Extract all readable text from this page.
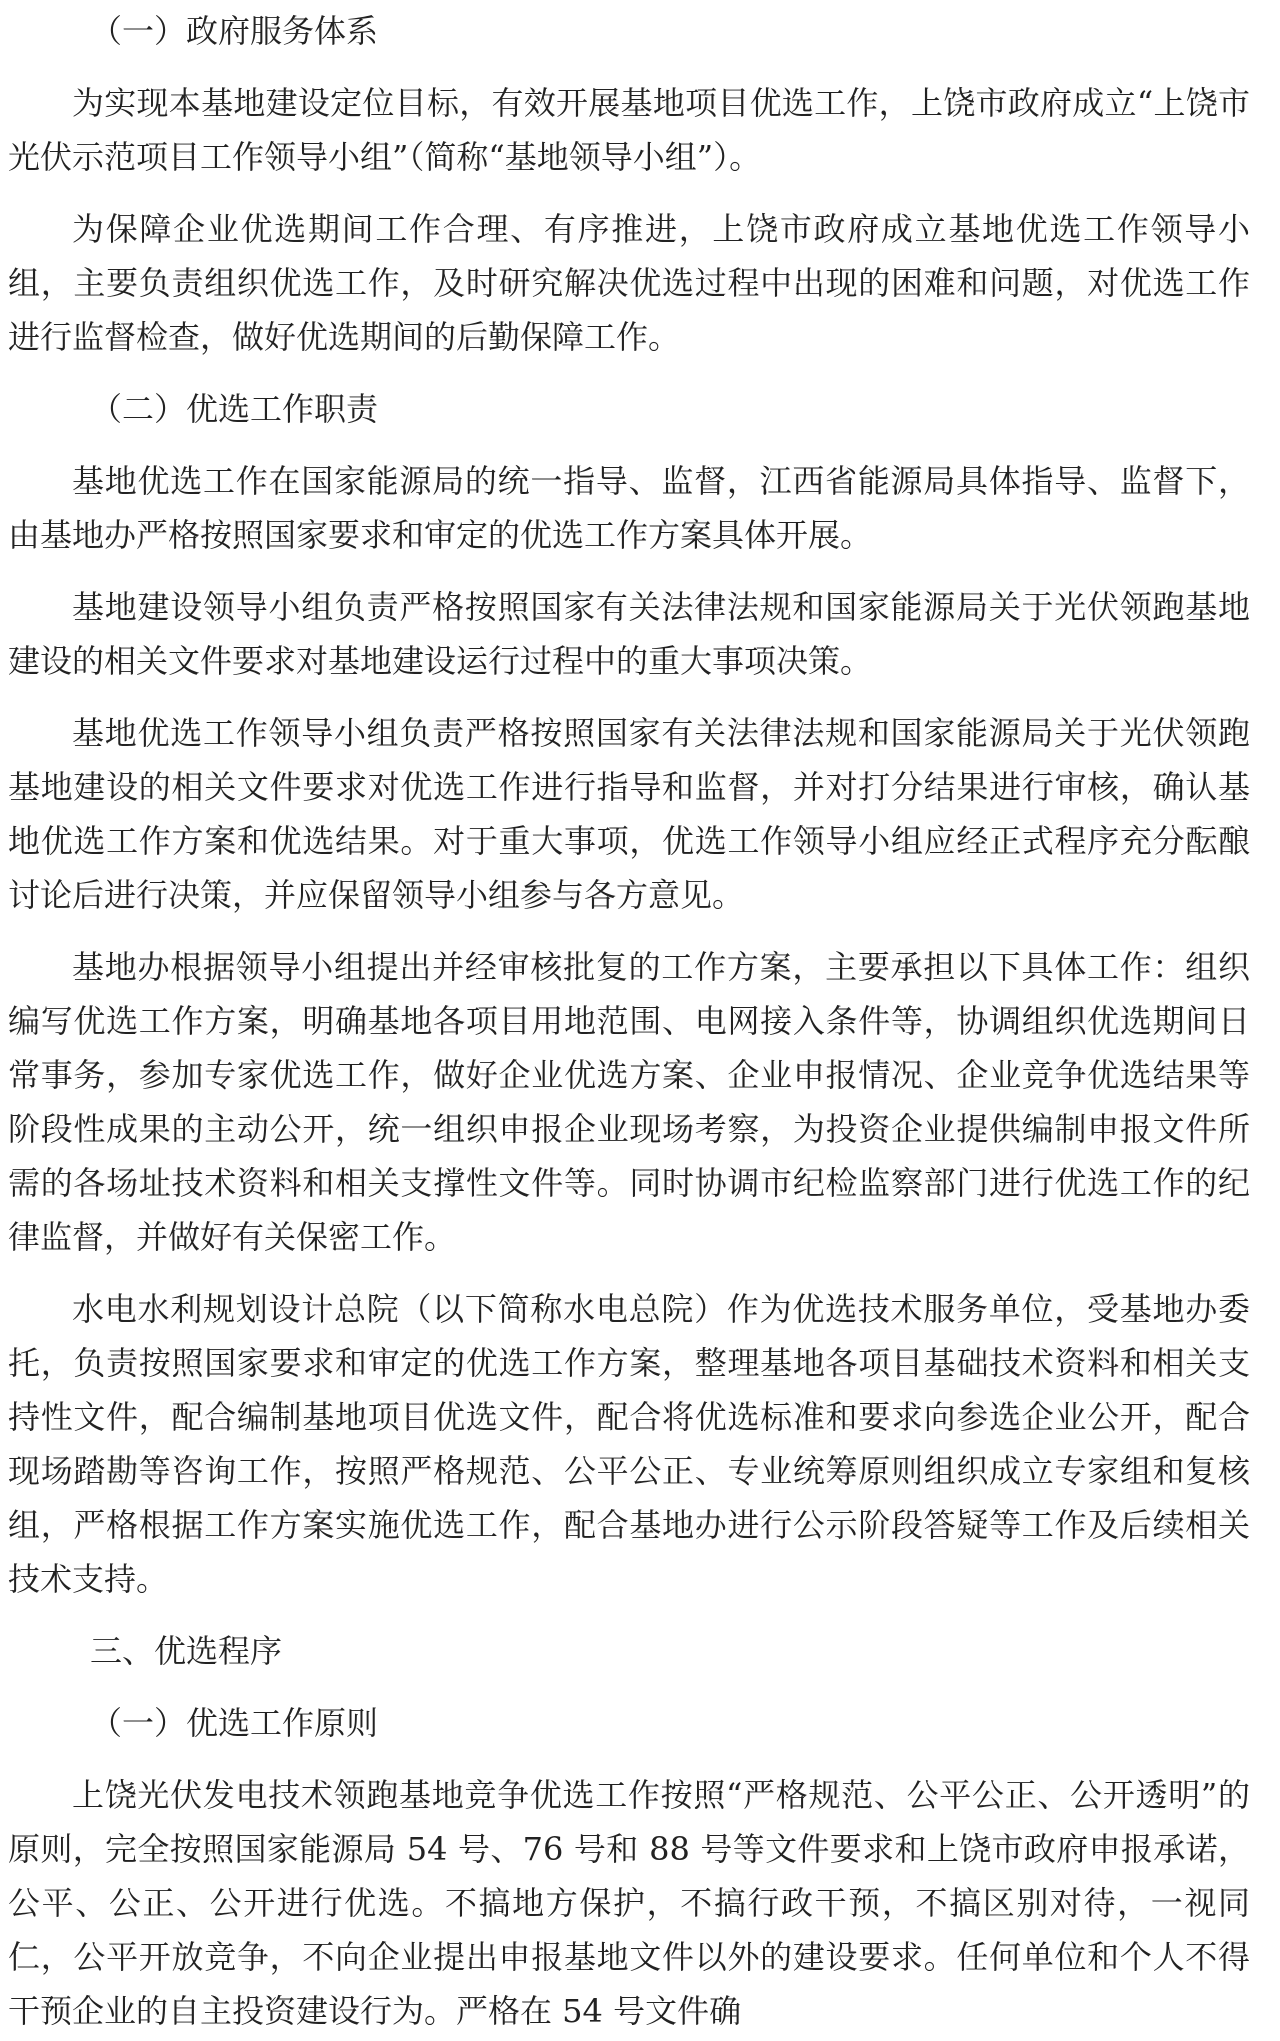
（一）政府服务体系

为实现本基地建设定位目标，有效开展基地项目优选工作，上饶市政府成立“上饶市光伏示范项目工作领导小组”（简称“基地领导小组”）。

为保障企业优选期间工作合理、有序推进，上饶市政府成立基地优选工作领导小组，主要负责组织优选工作，及时研究解决优选过程中出现的困难和问题，对优选工作进行监督检查，做好优选期间的后勤保障工作。

（二）优选工作职责

基地优选工作在国家能源局的统一指导、监督，江西省能源局具体指导、监督下，由基地办严格按照国家要求和审定的优选工作方案具体开展。

基地建设领导小组负责严格按照国家有关法律法规和国家能源局关于光伏领跑基地建设的相关文件要求对基地建设运行过程中的重大事项决策。

基地优选工作领导小组负责严格按照国家有关法律法规和国家能源局关于光伏领跑基地建设的相关文件要求对优选工作进行指导和监督，并对打分结果进行审核，确认基地优选工作方案和优选结果。对于重大事项，优选工作领导小组应经正式程序充分酝酿讨论后进行决策，并应保留领导小组参与各方意见。

基地办根据领导小组提出并经审核批复的工作方案，主要承担以下具体工作：组织编写优选工作方案，明确基地各项目用地范围、电网接入条件等，协调组织优选期间日常事务，参加专家优选工作，做好企业优选方案、企业申报情况、企业竞争优选结果等阶段性成果的主动公开，统一组织申报企业现场考察，为投资企业提供编制申报文件所需的各场址技术资料和相关支撑性文件等。同时协调市纪检监察部门进行优选工作的纪律监督，并做好有关保密工作。

水电水利规划设计总院（以下简称水电总院）作为优选技术服务单位，受基地办委托，负责按照国家要求和审定的优选工作方案，整理基地各项目基础技术资料和相关支持性文件，配合编制基地项目优选文件，配合将优选标准和要求向参选企业公开，配合现场踏勘等咨询工作，按照严格规范、公平公正、专业统筹原则组织成立专家组和复核组，严格根据工作方案实施优选工作，配合基地办进行公示阶段答疑等工作及后续相关技术支持。

三、优选程序

（一）优选工作原则

上饶光伏发电技术领跑基地竞争优选工作按照“严格规范、公平公正、公开透明”的原则，完全按照国家能源局 54 号、76 号和 88 号等文件要求和上饶市政府申报承诺，公平、公正、公开进行优选。不搞地方保护，不搞行政干预，不搞区别对待，一视同仁，公平开放竞争，不向企业提出申报基地文件以外的建设要求。任何单位和个人不得干预企业的自主投资建设行为。严格在 54 号文件确
